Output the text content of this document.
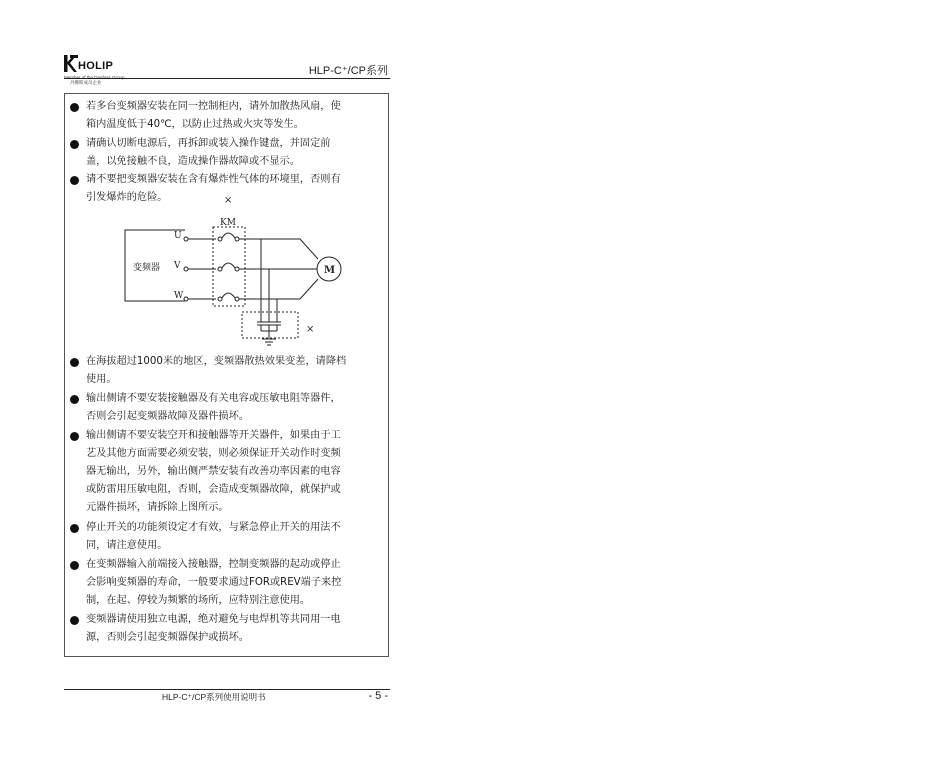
HOLIP
Member of the Danfoss Group
丹佛斯成员企业
HLP-C⁺/CP系列
若多台变频器安装在同一控制柜内，请外加散热风扇，使
箱内温度低于40℃，以防止过热或火灾等发生。
请确认切断电源后，再拆卸或装入操作键盘，并固定前
盖，以免接触不良，造成操作器故障或不显示。
请不要把变频器安装在含有爆炸性气体的环境里，否则有
引发爆炸的危险。
变频器
U
V
W
×
KM
M
×
在海拔超过1000米的地区，变频器散热效果变差，请降档
使用。
输出侧请不要安装接触器及有关电容或压敏电阻等器件，
否则会引起变频器故障及器件损坏。
输出侧请不要安装空开和接触器等开关器件，如果由于工
艺及其他方面需要必须安装，则必须保证开关动作时变频
器无输出，另外，输出侧严禁安装有改善功率因素的电容
或防雷用压敏电阻，否则，会造成变频器故障，就保护或
元器件损坏，请拆除上图所示。
停止开关的功能须设定才有效，与紧急停止开关的用法不
同，请注意使用。
在变频器输入前端接入接触器，控制变频器的起动或停止
会影响变频器的寿命，一般要求通过FOR或REV端子来控
制，在起、停较为频繁的场所，应特别注意使用。
变频器请使用独立电源，绝对避免与电焊机等共同用一电
源，否则会引起变频器保护或损坏。
HLP-C⁺/CP系列使用说明书	- 5 -
